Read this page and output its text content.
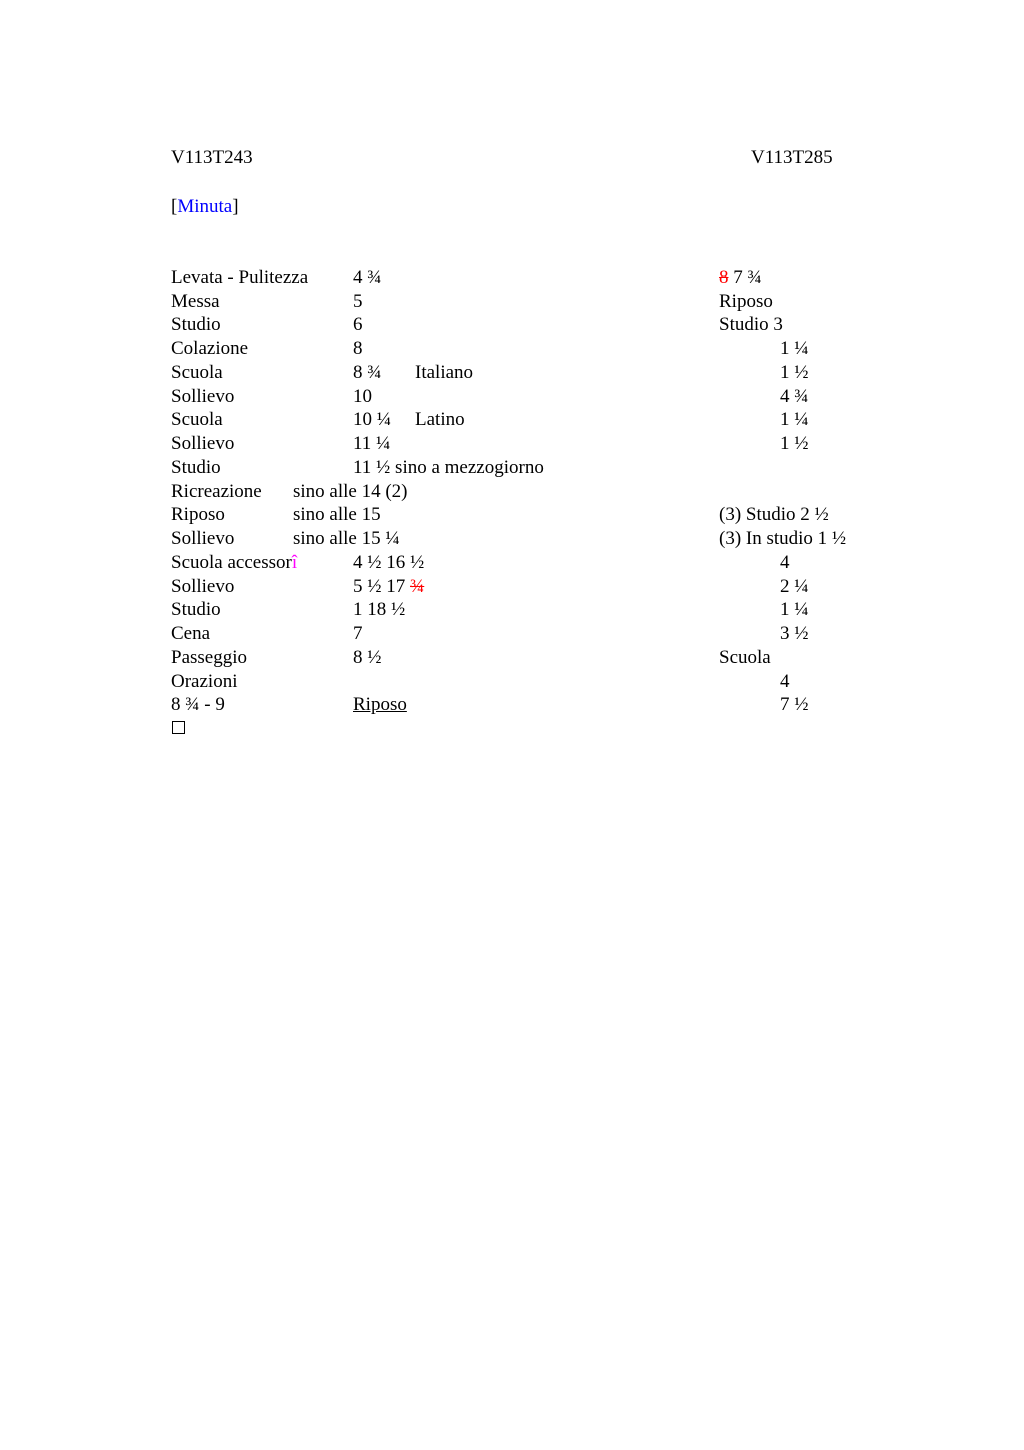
V113T243	V113T285
[Minuta]
Levata - Pulitezza
Messa
Studio
Colazione
Scuola
Sollievo
Scuola
Sollievo
Studio
Ricreazione
Riposo
Sollievo
Scuola accessorî
Sollievo
Studio
Cena
Passeggio
Orazioni
8 ¾ - 9
4 ¾
5
6
8
8 ¾ Italiano
10
10 ¼ Latino
11 ¼
11 ½ sino a mezzogiorno
sino alle 14 (2)
sino alle 15
sino alle 15 ¼
4 ½ 16 ½
5 ½ 17 ¾
1 18 ½
7
8 ½
Riposo
8 7 ¾
Riposo
Studio 3
1 ¼
1 ½
4 ¾
1 ¼
1 ½
(3) Studio 2 ½
(3) In studio 1 ½
4
2 ¼
1 ¼
3 ½
Scuola
4
7 ½
